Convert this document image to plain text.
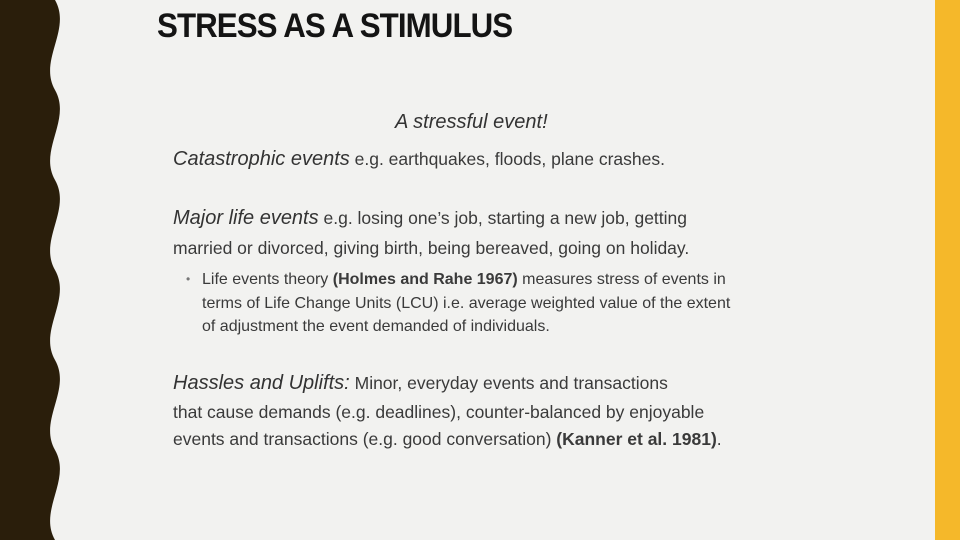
STRESS AS A STIMULUS
A stressful event!
Catastrophic events e.g. earthquakes, floods, plane crashes.
Major life events e.g. losing one’s job, starting a new job, getting
married or divorced, giving birth, being bereaved, going on holiday.
• Life events theory (Holmes and Rahe 1967) measures stress of events in
terms of Life Change Units (LCU) i.e. average weighted value of the extent
of adjustment the event demanded of individuals.
Hassles and Uplifts: Minor, everyday events and transactions
that cause demands (e.g. deadlines), counter-balanced by enjoyable
events and transactions (e.g. good conversation) (Kanner et al. 1981).
